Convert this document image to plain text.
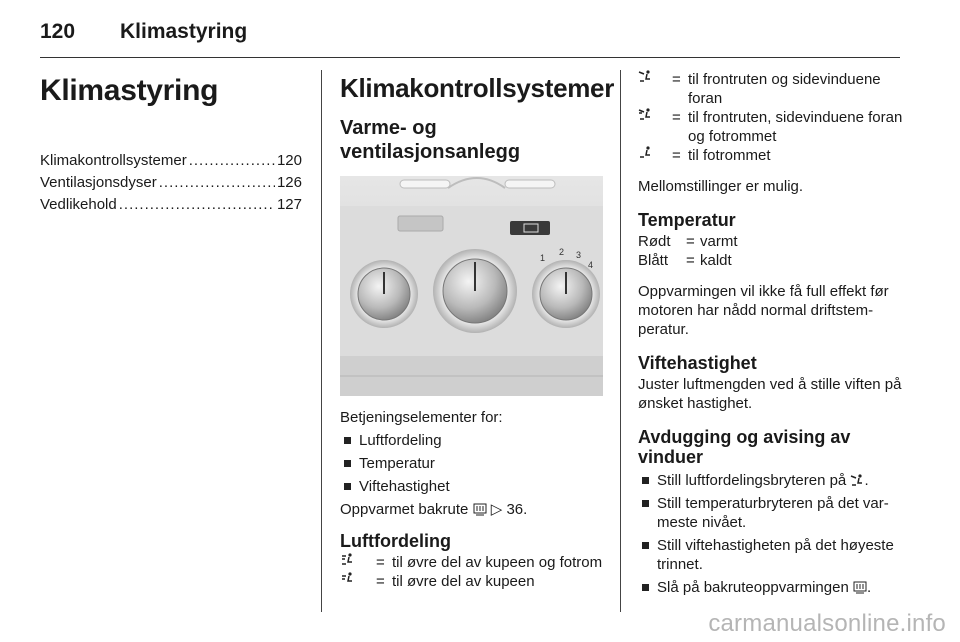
120 Klimastyring
Klimastyring
Klimakontrollsystemer .....	120
Ventilasjonsdyser .....	126
Vedlikehold .....	127
Klimakontrollsystemer
Varme- og ventilasjonsanlegg
1
2 3
4

Betjeningselementer for:

Luftfordeling
Temperatur
Viftehastighet

Oppvarmet bakrute ▷ 36.

Luftfordeling
= til øvre del av kupeen og fotrom
= til øvre del av kupeen
= til frontruten og sidevinduene foran
= til frontruten, sidevinduene foran og fotrommet
= til fotrommet

Mellomstillinger er mulig.

Temperatur
Rødt	= varmt
Blått	= kaldt

Oppvarmingen vil ikke få full effekt før motoren har nådd normal driftstemperatur.

Viftehastighet

Juster luftmengden ved å stille viften på ønsket hastighet.

Avdugging og avising av vinduer
Still luftfordelingsbryteren på .
Still temperaturbryteren på det varmeste nivået.
Still viftehastigheten på det høyeste trinnet.
Slå på bakruteoppvarmingen .
carmanualsonline.info
